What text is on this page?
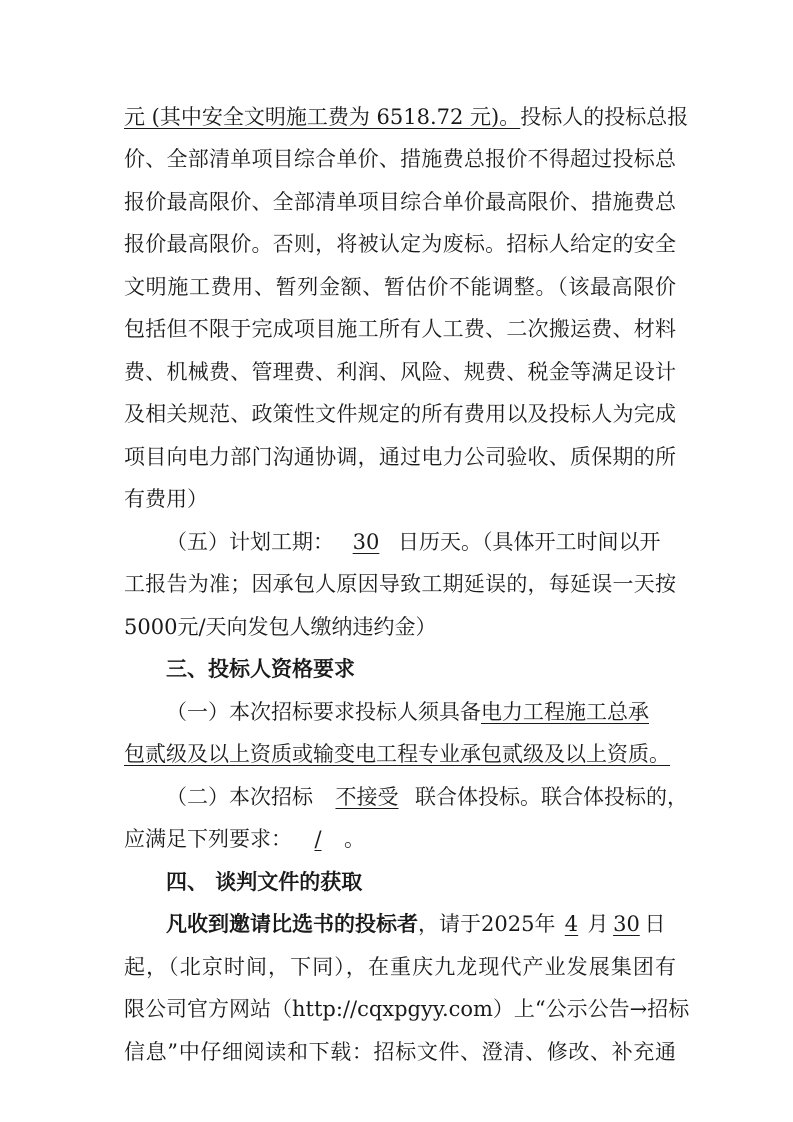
元 (其中安全文明施工费为 6518.72 元)。投标人的投标总报
价、全部清单项目综合单价、措施费总报价不得超过投标总
报价最高限价、全部清单项目综合单价最高限价、措施费总
报价最高限价。否则，将被认定为废标。招标人给定的安全
文明施工费用、暂列金额、暂估价不能调整。（该最高限价
包括但不限于完成项目施工所有人工费、二次搬运费、材料
费、机械费、管理费、利润、风险、规费、税金等满足设计
及相关规范、政策性文件规定的所有费用以及投标人为完成
项目向电力部门沟通协调，通过电力公司验收、质保期的所
有费用）
（五）计划工期： 30 日历天。（具体开工时间以开
工报告为准；因承包人原因导致工期延误的，每延误一天按
5000元/天向发包人缴纳违约金）
三、投标人资格要求
（一）本次招标要求投标人须具备电力工程施工总承
包贰级及以上资质或输变电工程专业承包贰级及以上资质。
（二）本次招标 不接受 联合体投标。联合体投标的，
应满足下列要求： / 。
四、 谈判文件的获取
凡收到邀请比选书的投标者，请于2025年 4 月 30 日
起，（北京时间，下同），在重庆九龙现代产业发展集团有
限公司官方网站（http://cqxpgyy.com）上“公示公告→招标
信息”中仔细阅读和下载：招标文件、澄清、修改、补充通
